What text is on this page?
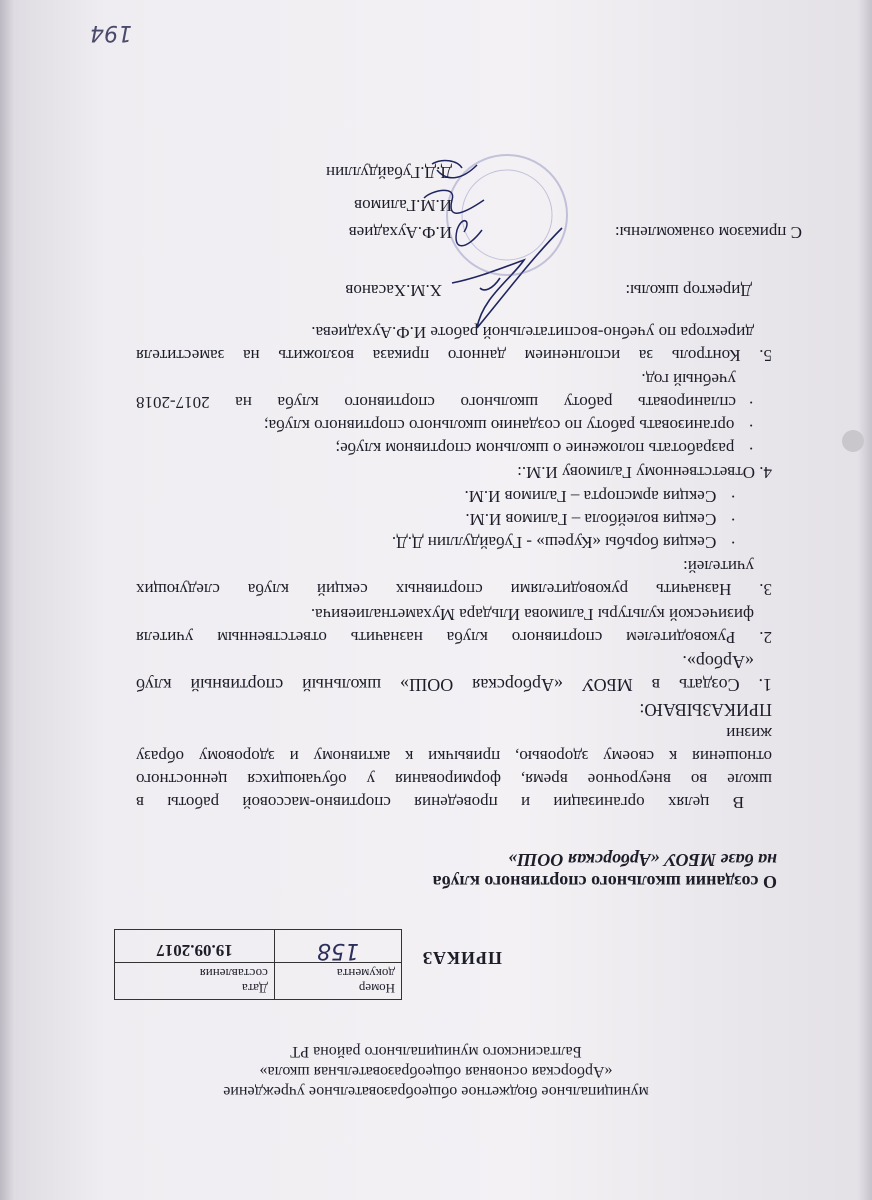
муниципальное бюджетное общеобразовательное учреждение
«Арборская основная общеобразовательная школа»
Балтасинского муниципального района РТ
ПРИКАЗ
Номер
документа	Дата
составления
158	19.09.2017
О создании школьного спортивного клуба
на базе МБОУ «Арборская ООШ»
В целях организации и проведения спортивно-массовой работы в
школе во внеурочное время, формирования у обучающихся ценностного
отношения к своему здоровью, привычки к активному и здоровому образу
жизни
ПРИКАЗЫВАЮ:
1. Создать в МБОУ «Арборская ООШ» школьный спортивный клуб
«Арбор».
2. Руководителем спортивного клуба назначить ответственным учителя
физической культуры Галимова Ильдара Мухаметналиевича.
3. Назначить руководителями спортивных секций клуба следующих
учителей:
·Секция борьбы «Куреш» - Губайдуллин Д.Д.
·Секция волейбола – Галимов И.М.
·Секция армспорта – Галимов И.М.
4. Ответственному Галимову И.М.:
·разработать положение о школьном спортивном клубе;
·организовать работу по созданию школьного спортивного клуба;
·
спланировать работу школьного спортивного клуба на 2017-2018
учебный год.
5. Контроль за исполнением данного приказа возложить на заместителя
директора по учебно-воспитательной работе И.Ф.Аухадиева.
Директор школы:
Х.М.Хасанов
С приказом ознакомлены:
И.Ф.Аухадиев
И.М.Галимов
Д.Д.Губайдуллин
194
